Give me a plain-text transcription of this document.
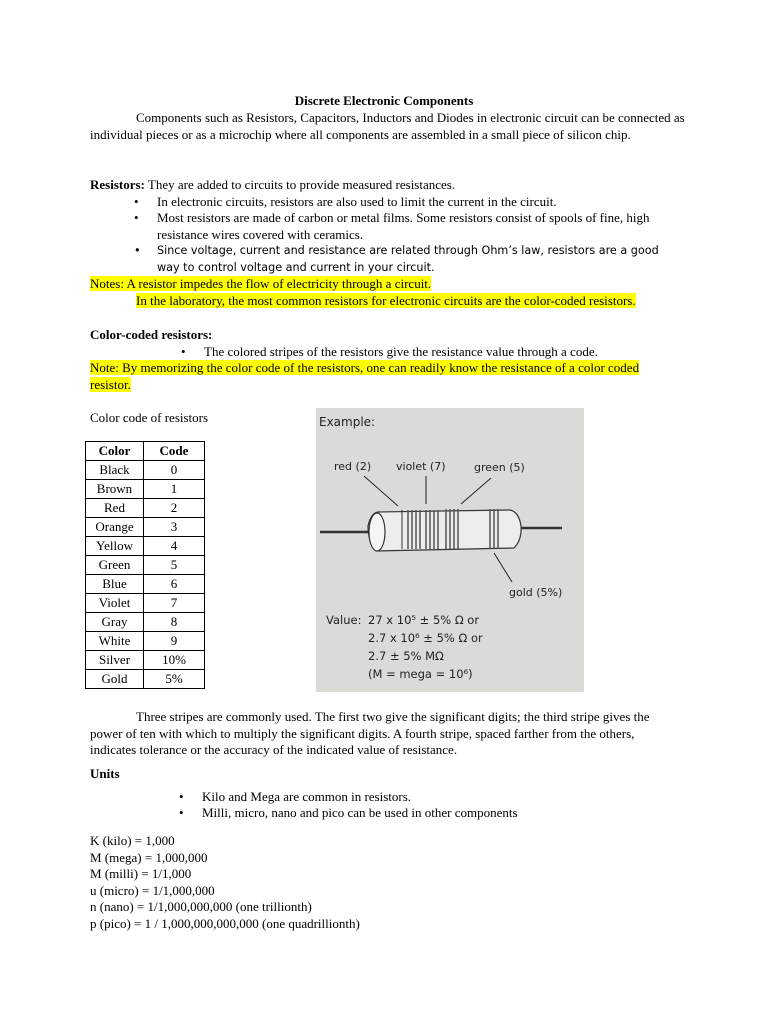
Discrete Electronic Components
Components such as Resistors, Capacitors, Inductors and Diodes in electronic circuit can be connected as individual pieces or as a microchip where all components are assembled in a small piece of silicon chip.
Resistors: They are added to circuits to provide measured resistances.
• In electronic circuits, resistors are also used to limit the current in the circuit.
• Most resistors are made of carbon or metal films. Some resistors consist of spools of fine, high resistance wires covered with ceramics.
• Since voltage, current and resistance are related through Ohm’s law, resistors are a good way to control voltage and current in your circuit.
Notes: A resistor impedes the flow of electricity through a circuit.
In the laboratory, the most common resistors for electronic circuits are the color-coded resistors.
Color-coded resistors:
• The colored stripes of the resistors give the resistance value through a code.
Note: By memorizing the color code of the resistors, one can readily know the resistance of a color coded resistor.
Color code of resistors
Color	Code
Black	0
Brown	1
Red	2
Orange	3
Yellow	4
Green	5
Blue	6
Violet	7
Gray	8
White	9
Silver	10%
Gold	5%
Example:
red (2) violet (7)	green (5)
gold (5%)
Value: 27 x 10⁵ ± 5% Ω or
2.7 x 10⁶ ± 5% Ω or
2.7 ± 5% MΩ
(M = mega = 10⁶)
Three stripes are commonly used. The first two give the significant digits; the third stripe gives the power of ten with which to multiply the significant digits. A fourth stripe, spaced farther from the others, indicates tolerance or the accuracy of the indicated value of resistance.
Units
• Kilo and Mega are common in resistors.
• Milli, micro, nano and pico can be used in other components
K (kilo) = 1,000
M (mega) = 1,000,000
M (milli) = 1/1,000
u (micro) = 1/1,000,000
n (nano) = 1/1,000,000,000 (one trillionth)
p (pico) = 1 / 1,000,000,000,000 (one quadrillionth)
